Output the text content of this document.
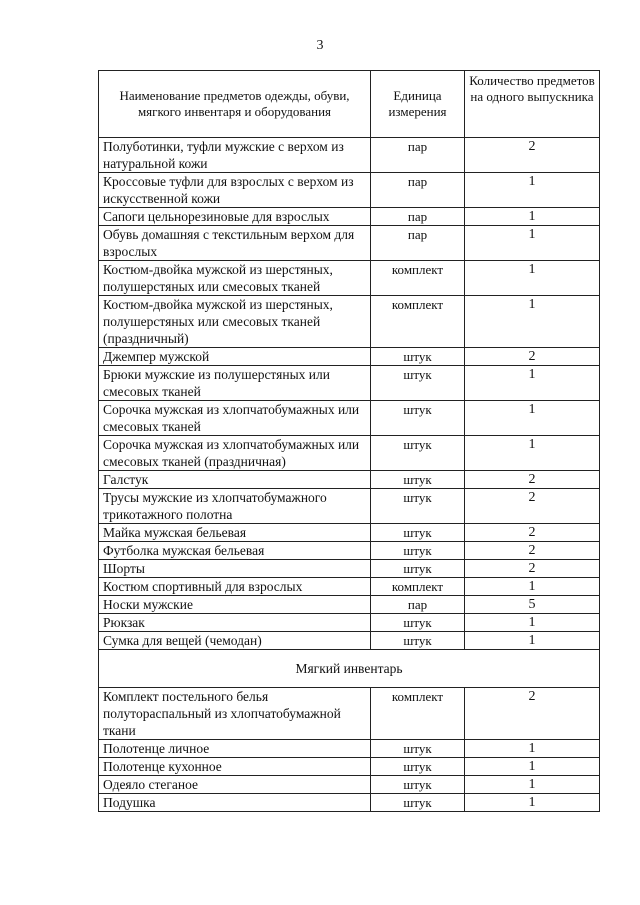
3
Наименование предметов одежды, обуви, мягкого инвентаря и оборудования	Единица измерения	Количество предметов на одного выпускника
Полуботинки, туфли мужские с верхом из натуральной кожи	пар	2
Кроссовые туфли для взрослых с верхом из искусственной кожи	пар	1
Сапоги цельнорезиновые для взрослых	пар	1
Обувь домашняя с текстильным верхом для взрослых	пар	1
Костюм-двойка мужской из шерстяных, полушерстяных или смесовых тканей	комплект	1
Костюм-двойка мужской из шерстяных, полушерстяных или смесовых тканей (праздничный)	комплект	1
Джемпер мужской	штук	2
Брюки мужские из полушерстяных или смесовых тканей	штук	1
Сорочка мужская из хлопчатобумажных или смесовых тканей	штук	1
Сорочка мужская из хлопчатобумажных или смесовых тканей (праздничная)	штук	1
Галстук	штук	2
Трусы мужские из хлопчатобумажного трикотажного полотна	штук	2
Майка мужская бельевая	штук	2
Футболка мужская бельевая	штук	2
Шорты	штук	2
Костюм спортивный для взрослых	комплект	1
Носки мужские	пар	5
Рюкзак	штук	1
Сумка для вещей (чемодан)	штук	1
Мягкий инвентарь		
Комплект постельного белья полутораспальный из хлопчатобумажной ткани	комплект	2
Полотенце личное	штук	1
Полотенце кухонное	штук	1
Одеяло стеганое	штук	1
Подушка	штук	1
